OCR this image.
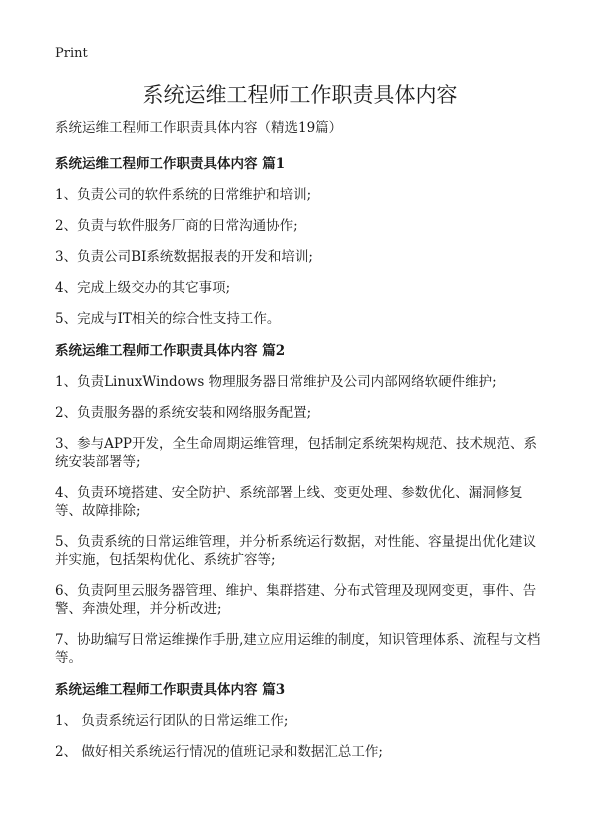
Print
系统运维工程师工作职责具体内容

系统运维工程师工作职责具体内容（精选19篇）

系统运维工程师工作职责具体内容 篇1

1、负责公司的软件系统的日常维护和培训;

2、负责与软件服务厂商的日常沟通协作;

3、负责公司BI系统数据报表的开发和培训;

4、完成上级交办的其它事项;

5、完成与IT相关的综合性支持工作。

系统运维工程师工作职责具体内容 篇2

1、负责LinuxWindows 物理服务器日常维护及公司内部网络软硬件维护;

2、负责服务器的系统安装和网络服务配置;

3、参与APP开发，全生命周期运维管理，包括制定系统架构规范、技术规范、系统安装部署等;

4、负责环境搭建、安全防护、系统部署上线、变更处理、参数优化、漏洞修复等、故障排除;

5、负责系统的日常运维管理，并分析系统运行数据，对性能、容量提出优化建议并实施，包括架构优化、系统扩容等;

6、负责阿里云服务器管理、维护、集群搭建、分布式管理及现网变更，事件、告警、奔溃处理，并分析改进;

7、协助编写日常运维操作手册,建立应用运维的制度，知识管理体系、流程与文档等。

系统运维工程师工作职责具体内容 篇3

1、 负责系统运行团队的日常运维工作;

2、 做好相关系统运行情况的值班记录和数据汇总工作;
